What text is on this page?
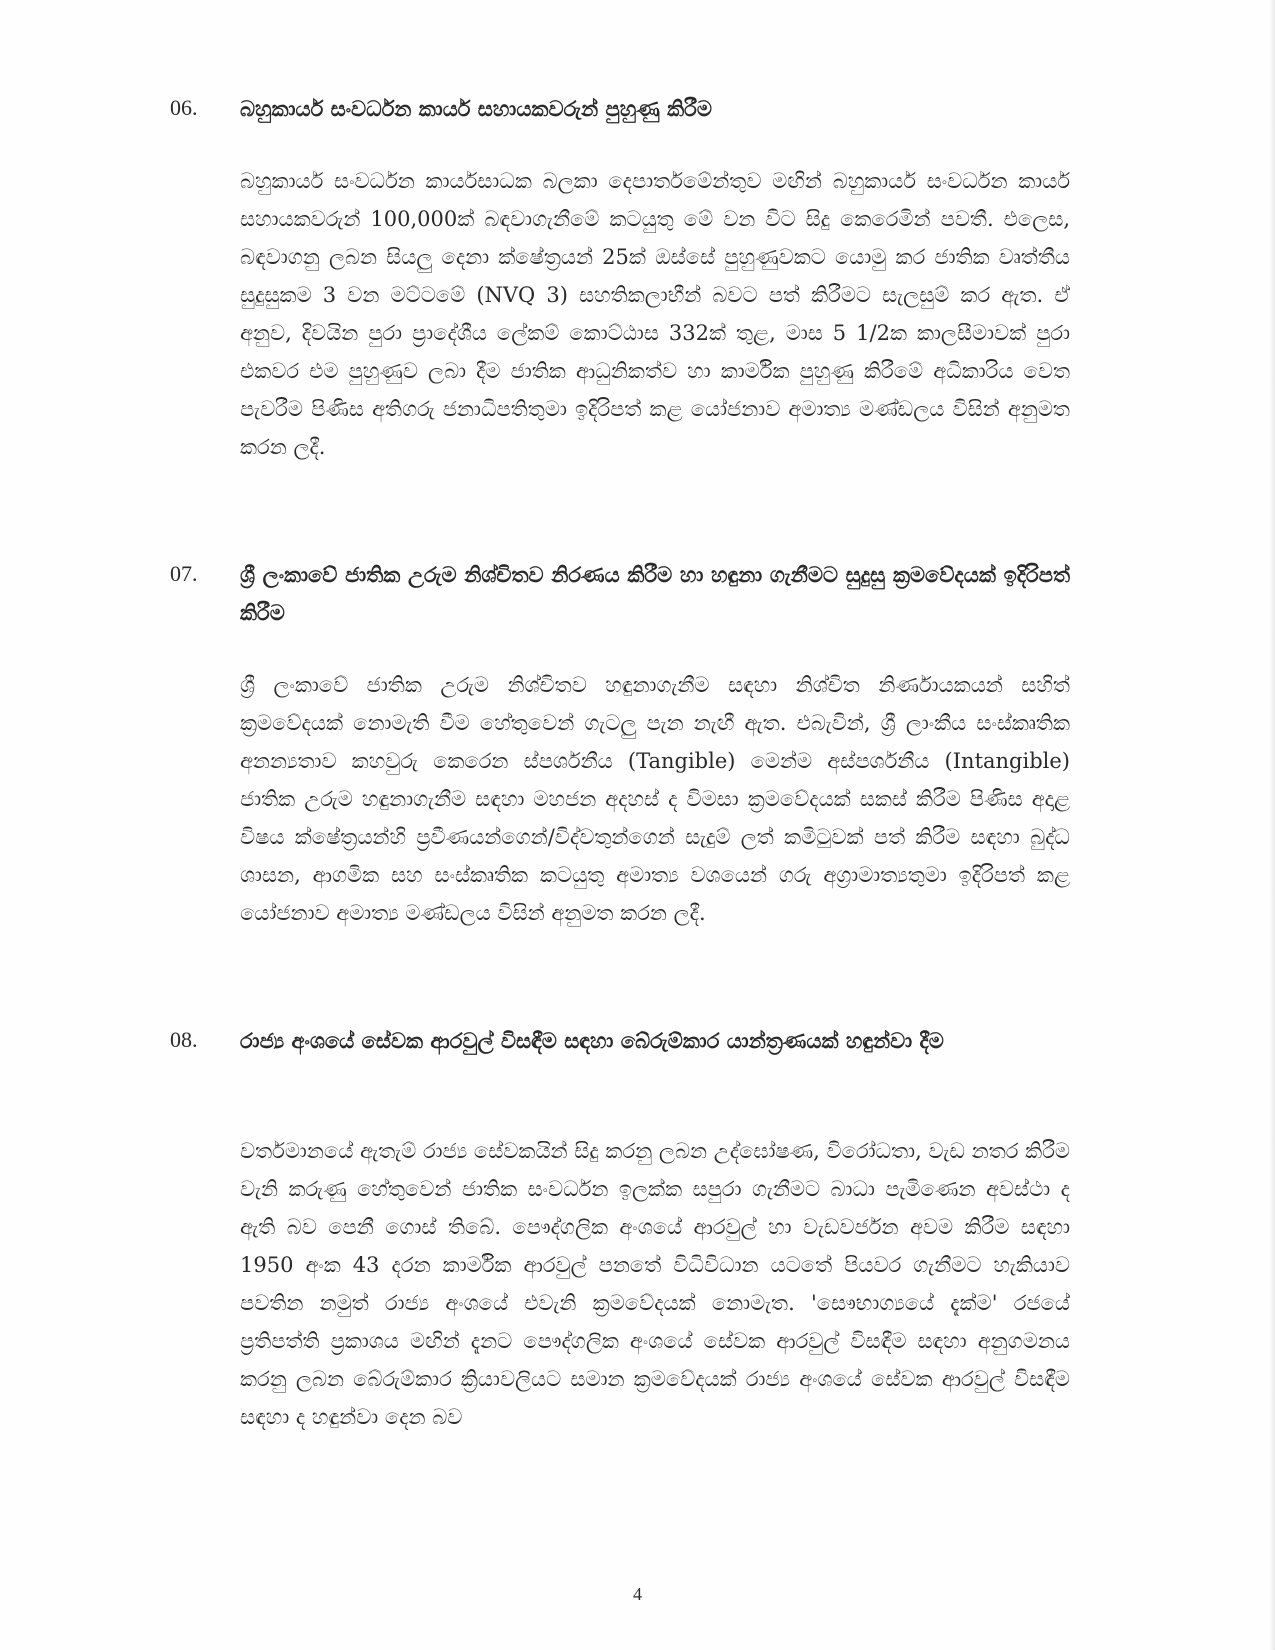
06.	බහුකාර්ය සංවර්ධන කාර්ය සහායකවරුන් පුහුණු කිරීම
බහුකාර්ය සංවර්ධන කාර්යසාධක බලකා දෙපාර්තමේන්තුව මඟින් බහුකාර්ය සංවර්ධන කාර්ය සහායකවරුන් 100,000ක් බඳවාගැනීමේ කටයුතු මේ වන විට සිදු කෙරෙමින් පවතී. එලෙස, බඳවාගනු ලබන සියලු දෙනා ක්ෂේත්‍රයන් 25ක් ඔස්සේ පුහුණුවකට යොමු කර ජාතික වෘත්තීය සුදුසුකම 3 වන මට්ටමේ (NVQ 3) සහතිකලාභීන් බවට පත් කිරීමට සැලසුම් කර ඇත. ඒ අනුව, දිවයින පුරා ප්‍රාදේශීය ලේකම් කොට්ඨාස 332ක් තුළ, මාස 5 1/2ක කාලසීමාවක් පුරා එකවර එම පුහුණුව ලබා දීම ජාතික ආධුනිකත්ව හා කාර්මික පුහුණු කිරීමේ අධිකාරිය වෙත පැවරීම පිණිස අතිගරු ජනාධිපතිතුමා ඉදිරිපත් කළ යෝජනාව අමාත්‍ය මණ්ඩලය විසින් අනුමත කරන ලදී.
07.	ශ්‍රී ලංකාවේ ජාතික උරුම නිශ්චිතව නිරණය කිරීම හා හඳුනා ගැනීමට සුදුසු ක්‍රමවේදයක් ඉදිරිපත් කිරීම
ශ්‍රී ලංකාවේ ජාතික උරුම නිශ්චිතව හඳුනාගැනීම සඳහා නිශ්චිත නිර්ණායකයන් සහිත් ක්‍රමවේදයක් නොමැති වීම හේතුවෙන් ගැටලු පැන නැඟී ඇත. එබැවින්, ශ්‍රී ලාංකීය සංස්කෘතික අනන්‍යතාව කහවුරු කෙරෙන ස්පර්ශනීය (Tangible) මෙන්ම අස්පර්ශනීය (Intangible) ජාතික උරුම හඳුනාගැනීම සඳහා මහජන අදහස් ද විමසා ක්‍රමවේදයක් සකස් කිරීම පිණිස අදාළ විෂය ක්ෂේත්‍රයන්හි ප්‍රවීණයන්ගෙන්/විද්වතුන්ගෙන් සැදුම් ලත් කමිටුවක් පත් කිරීම සඳහා බුද්ධ ශාසන, ආගමික සහ සංස්කෘතික කටයුතු අමාත්‍ය වශයෙන් ගරු අග්‍රාමාත්‍යතුමා ඉදිරිපත් කළ යෝජනාව අමාත්‍ය මණ්ඩලය විසින් අනුමත කරන ලදී.
08.	රාජ්‍ය අංශයේ සේවක ආරවුල් විසඳීම සඳහා බේරුම්කාර යාන්ත්‍රණයක් හඳුන්වා දීම
වර්තමානයේ ඇතැම් රාජ්‍ය සේවකයින් සිදු කරනු ලබන උද්ඝෝෂණ, විරෝධතා, වැඩ නතර කිරීම වැනි කරුණු හේතුවෙන් ජාතික සංවර්ධන ඉලක්ක සපුරා ගැනීමට බාධා පැමිණෙන අවස්ථා ද ඇති බව පෙනී ගොස් තිබේ. පෞද්ගලික අංශයේ ආරවුල් හා වැඩවර්ජන අවම කිරීම සඳහා 1950 අංක 43 දරන කාර්මික ආරවුල් පනතේ විධිවිධාන යටතේ පියවර ගැනීමට හැකියාව පවතින නමුත් රාජ්‍ය අංශයේ එවැනි ක්‍රමවේදයක් නොමැත. 'සෞභාග්‍යයේ දැක්ම' රජයේ ප්‍රතිපත්ති ප්‍රකාශය මඟින් දැනට පෞද්ගලික අංශයේ සේවක ආරවුල් විසඳීම සඳහා අනුගමනය කරනු ලබන බේරුම්කාර ක්‍රියාවලියට සමාන ක්‍රමවේදයක් රාජ්‍ය අංශයේ සේවක ආරවුල් විසඳීම සඳහා ද හඳුන්වා දෙන බව
4
